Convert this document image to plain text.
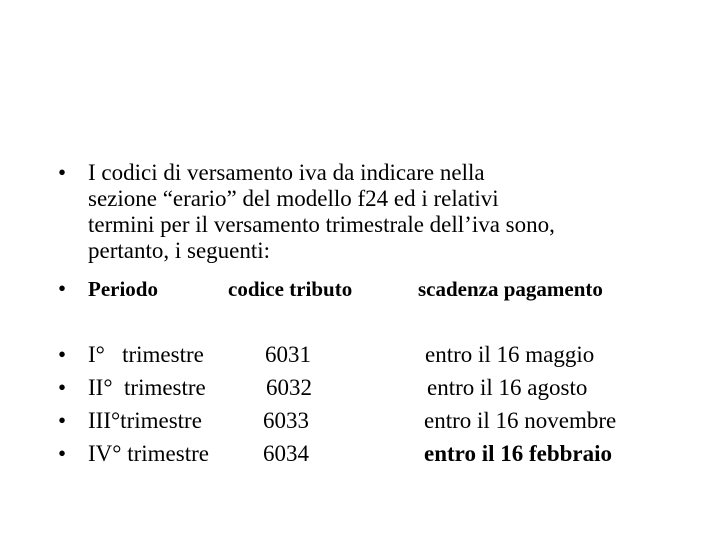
• I codici di versamento iva da indicare nella
sezione “erario” del modello f24 ed i relativi
termini per il versamento trimestrale dell’iva sono,
pertanto, i seguenti:
• Periodo	codice tributo	scadenza pagamento
• I°   trimestre	6031	entro il 16 maggio
• II°  trimestre	6032	entro il 16 agosto
• III°trimestre	6033	entro il 16 novembre
• IV° trimestre 6034	entro il 16 febbraio
